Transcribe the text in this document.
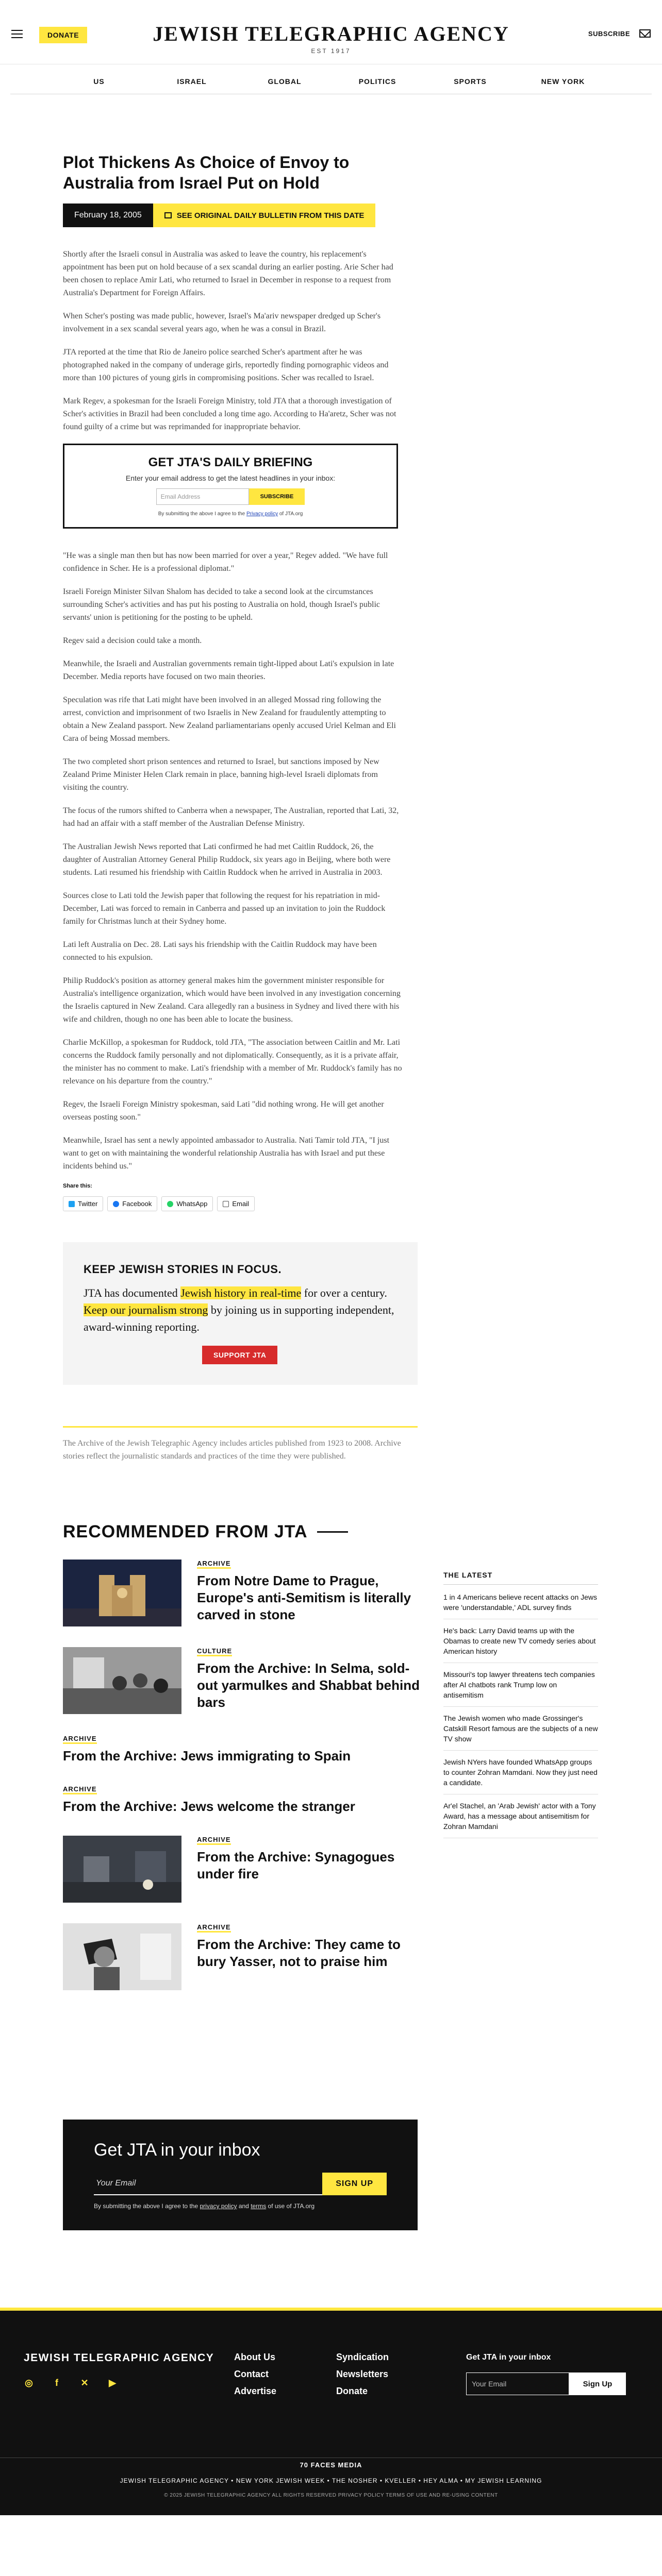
DONATE	JEWISH TELEGRAPHIC AGENCY
EST 1917
SUBSCRIBE
US	ISRAEL	GLOBAL	POLITICS	SPORTS	NEW YORK
Plot Thickens As Choice of Envoy to Australia from Israel Put on Hold
February 18, 2005	SEE ORIGINAL DAILY BULLETIN FROM THIS DATE

Shortly after the Israeli consul in Australia was asked to leave the country, his replacement's appointment has been put on hold because of a sex scandal during an earlier posting. Arie Scher had been chosen to replace Amir Lati, who returned to Israel in December in response to a request from Australia's Department for Foreign Affairs.

When Scher's posting was made public, however, Israel's Ma'ariv newspaper dredged up Scher's involvement in a sex scandal several years ago, when he was a consul in Brazil.

JTA reported at the time that Rio de Janeiro police searched Scher's apartment after he was photographed naked in the company of underage girls, reportedly finding pornographic videos and more than 100 pictures of young girls in compromising positions. Scher was recalled to Israel.

Mark Regev, a spokesman for the Israeli Foreign Ministry, told JTA that a thorough investigation of Scher's activities in Brazil had been concluded a long time ago. According to Ha'aretz, Scher was not found guilty of a crime but was reprimanded for inappropriate behavior.

GET JTA'S DAILY BRIEFING

Enter your email address to get the latest headlines in your inbox:

Email Address	SUBSCRIBE

By submitting the above I agree to the Privacy policy of JTA.org

"He was a single man then but has now been married for over a year," Regev added. "We have full confidence in Scher. He is a professional diplomat."

Israeli Foreign Minister Silvan Shalom has decided to take a second look at the circumstances surrounding Scher's activities and has put his posting to Australia on hold, though Israel's public servants' union is petitioning for the posting to be upheld.

Regev said a decision could take a month.

Meanwhile, the Israeli and Australian governments remain tight-lipped about Lati's expulsion in late December. Media reports have focused on two main theories.

Speculation was rife that Lati might have been involved in an alleged Mossad ring following the arrest, conviction and imprisonment of two Israelis in New Zealand for fraudulently attempting to obtain a New Zealand passport. New Zealand parliamentarians openly accused Uriel Kelman and Eli Cara of being Mossad members.

The two completed short prison sentences and returned to Israel, but sanctions imposed by New Zealand Prime Minister Helen Clark remain in place, banning high-level Israeli diplomats from visiting the country.

The focus of the rumors shifted to Canberra when a newspaper, The Australian, reported that Lati, 32, had had an affair with a staff member of the Australian Defense Ministry.

The Australian Jewish News reported that Lati confirmed he had met Caitlin Ruddock, 26, the daughter of Australian Attorney General Philip Ruddock, six years ago in Beijing, where both were students. Lati resumed his friendship with Caitlin Ruddock when he arrived in Australia in 2003.

Sources close to Lati told the Jewish paper that following the request for his repatriation in mid-December, Lati was forced to remain in Canberra and passed up an invitation to join the Ruddock family for Christmas lunch at their Sydney home.

Lati left Australia on Dec. 28. Lati says his friendship with the Caitlin Ruddock may have been connected to his expulsion.

Philip Ruddock's position as attorney general makes him the government minister responsible for Australia's intelligence organization, which would have been involved in any investigation concerning the Israelis captured in New Zealand. Cara allegedly ran a business in Sydney and lived there with his wife and children, though no one has been able to locate the business.

Charlie McKillop, a spokesman for Ruddock, told JTA, "The association between Caitlin and Mr. Lati concerns the Ruddock family personally and not diplomatically. Consequently, as it is a private affair, the minister has no comment to make. Lati's friendship with a member of Mr. Ruddock's family has no relevance on his departure from the country."

Regev, the Israeli Foreign Ministry spokesman, said Lati "did nothing wrong. He will get another overseas posting soon."

Meanwhile, Israel has sent a newly appointed ambassador to Australia. Nati Tamir told JTA, "I just want to get on with maintaining the wonderful relationship Australia has with Israel and put these incidents behind us."

Share this:
Twitter	Facebook	WhatsApp	Email
KEEP JEWISH STORIES IN FOCUS.

JTA has documented Jewish history in real-time for over a century. Keep our journalism strong by joining us in supporting independent, award-winning reporting.

SUPPORT JTA
The Archive of the Jewish Telegraphic Agency includes articles published from 1923 to 2008. Archive stories reflect the journalistic standards and practices of the time they were published.
RECOMMENDED FROM JTA
ARCHIVE
From Notre Dame to Prague, Europe's anti-Semitism is literally carved in stone
CULTURE
From the Archive: In Selma, sold-out yarmulkes and Shabbat behind bars
ARCHIVE
From the Archive: Jews immigrating to Spain
ARCHIVE
From the Archive: Jews welcome the stranger
ARCHIVE
From the Archive: Synagogues under fire
ARCHIVE
From the Archive: They came to bury Yasser, not to praise him
THE LATEST
1 in 4 Americans believe recent attacks on Jews were 'understandable,' ADL survey finds
He's back: Larry David teams up with the Obamas to create new TV comedy series about American history
Missouri's top lawyer threatens tech companies after AI chatbots rank Trump low on antisemitism
The Jewish women who made Grossinger's Catskill Resort famous are the subjects of a new TV show
Jewish NYers have founded WhatsApp groups to counter Zohran Mamdani. Now they just need a candidate.
Ar'el Stachel, an 'Arab Jewish' actor with a Tony Award, has a message about antisemitism for Zohran Mamdani
Get JTA in your inbox
Your Email	SIGN UP
By submitting the above I agree to the privacy policy and terms of use of JTA.org
JEWISH TELEGRAPHIC AGENCY
◎	f	✕ ▶
About Us
Contact
Advertise
Syndication
Newsletters
Donate
Get JTA in your inbox
Your Email	Sign Up
70 FACES MEDIA
JEWISH TELEGRAPHIC AGENCY • NEW YORK JEWISH WEEK • THE NOSHER • KVELLER • HEY ALMA • MY JEWISH LEARNING
© 2025 JEWISH TELEGRAPHIC AGENCY ALL RIGHTS RESERVED PRIVACY POLICY TERMS OF USE AND RE-USING CONTENT
